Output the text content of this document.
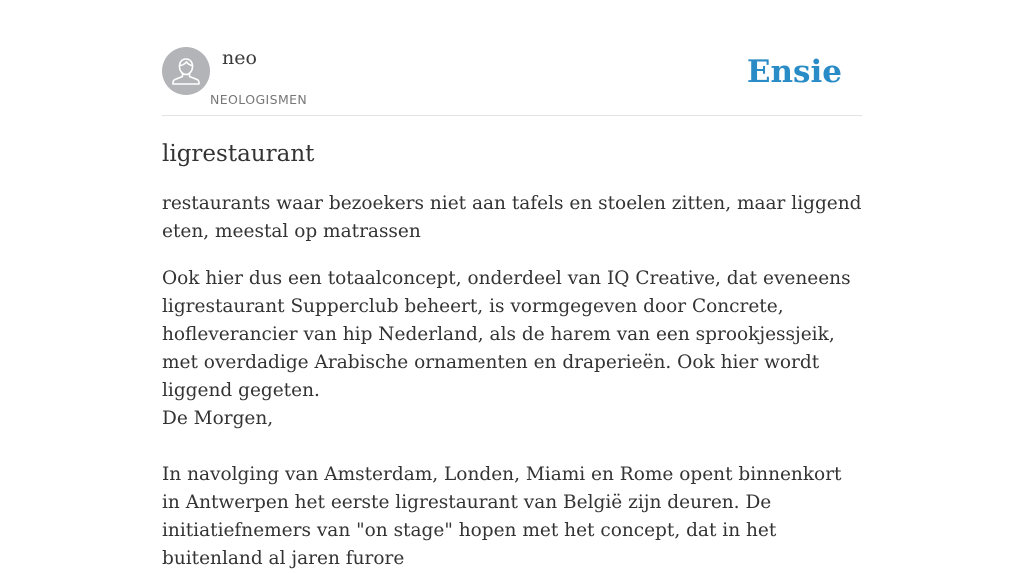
neo
NEOLOGISMEN
Ensie
ligrestaurant

restaurants waar bezoekers niet aan tafels en stoelen zitten, maar liggend eten, meestal op matrassen

Ook hier dus een totaalconcept, onderdeel van IQ Creative, dat eveneens ligrestaurant Supperclub beheert, is vormgegeven door Concrete, hofleverancier van hip Nederland, als de harem van een sprookjessjeik, met overdadige Arabische ornamenten en draperieën. Ook hier wordt liggend gegeten.
De Morgen,

In navolging van Amsterdam, Londen, Miami en Rome opent binnenkort in Antwerpen het eerste ligrestaurant van België zijn deuren. De initiatiefnemers van "on stage" hopen met het concept, dat in het buitenland al jaren furore
